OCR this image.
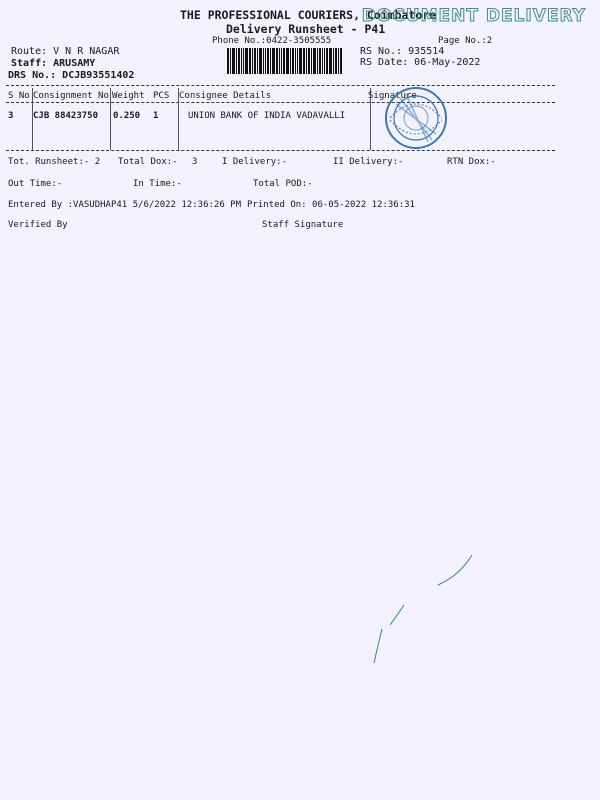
THE PROFESSIONAL COURIERS, Coimbatore
Delivery Runsheet - P41
DOCUMENT DELIVERY
Phone No.:0422-3505555	Page No.:2
Route: V N R NAGAR
Staff: ARUSAMY
DRS No.: DCJB93551402
RS No.: 935514
RS Date: 06-May-2022
S No Consignment No Weight PCS Consignee Details	Signature
3 CJB 88423750 0.250 1	UNION BANK OF INDIA VADAVALLI
Tot. Runsheet:- 2 Total Dox:- 3	I Delivery:-	II Delivery:-	RTN Dox:-
Out Time:-	In Time:-	Total POD:-
Entered By :VASUDHAP41 5/6/2022 12:36:26 PM Printed On: 06-05-2022 12:36:31
Verified By	Staff Signature
